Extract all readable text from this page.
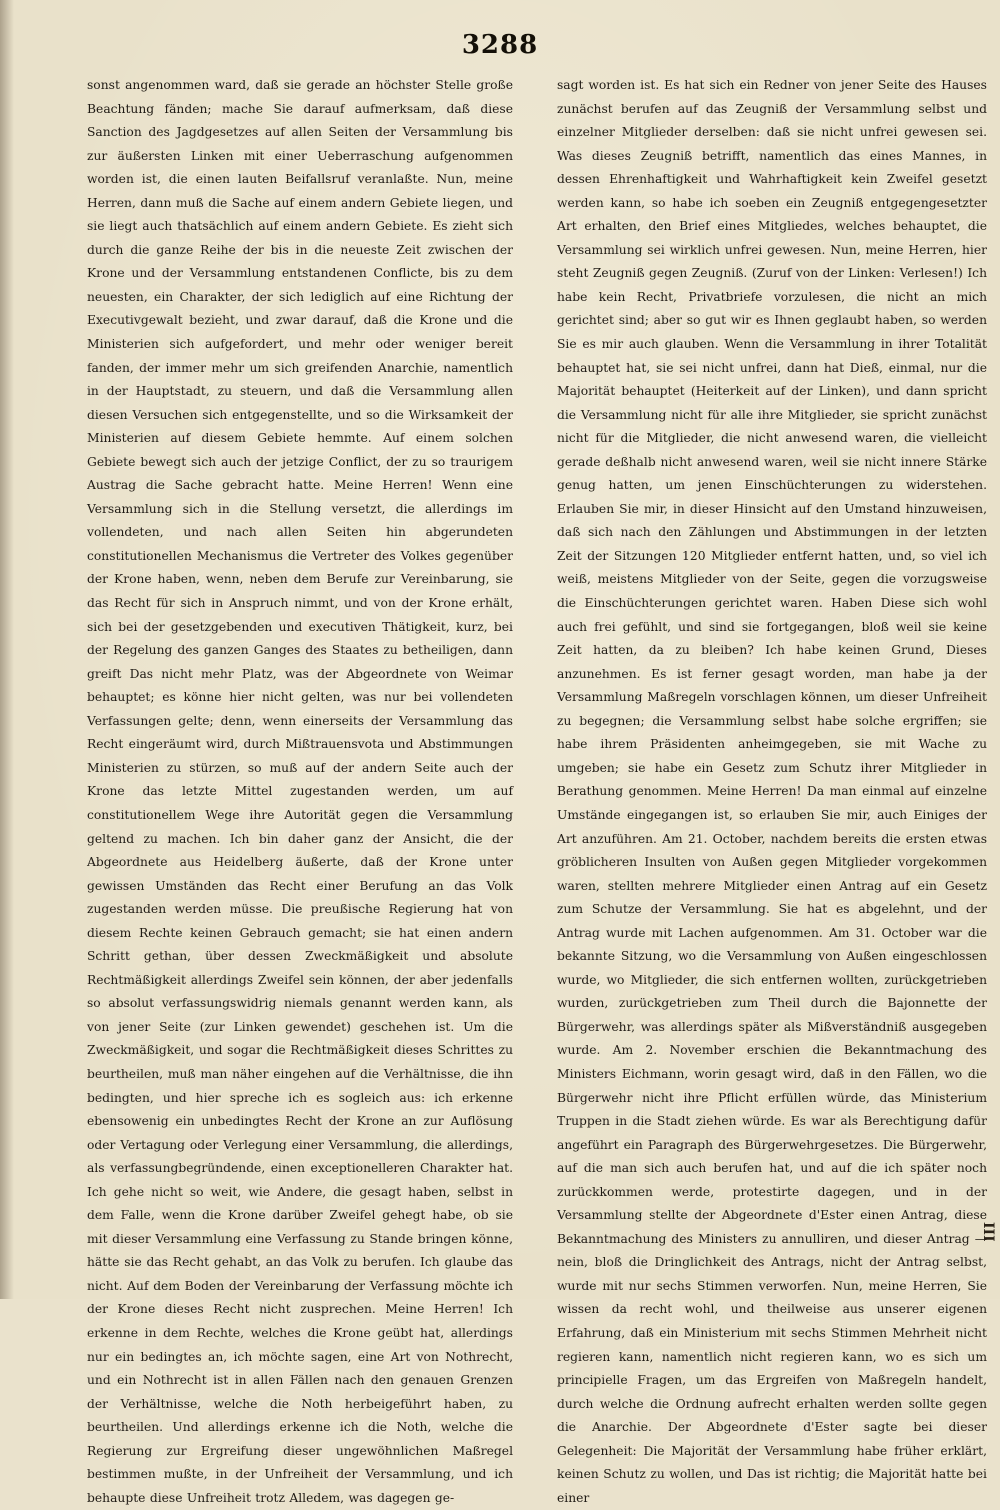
3288

sonst angenommen ward, daß sie gerade an höchster Stelle große Beachtung fänden; mache Sie darauf aufmerksam, daß diese Sanction des Jagdgesetzes auf allen Seiten der Versammlung bis zur äußersten Linken mit einer Ueberraschung aufgenommen worden ist, die einen lauten Beifallsruf veranlaßte. Nun, meine Herren, dann muß die Sache auf einem andern Gebiete liegen, und sie liegt auch thatsächlich auf einem andern Gebiete. Es zieht sich durch die ganze Reihe der bis in die neueste Zeit zwischen der Krone und der Versammlung entstandenen Conflicte, bis zu dem neuesten, ein Charakter, der sich lediglich auf eine Richtung der Executivgewalt bezieht, und zwar darauf, daß die Krone und die Ministerien sich aufgefordert, und mehr oder weniger bereit fanden, der immer mehr um sich greifenden Anarchie, namentlich in der Hauptstadt, zu steuern, und daß die Versammlung allen diesen Versuchen sich entgegenstellte, und so die Wirksamkeit der Ministerien auf diesem Gebiete hemmte. Auf einem solchen Gebiete bewegt sich auch der jetzige Conflict, der zu so traurigem Austrag die Sache gebracht hatte. Meine Herren! Wenn eine Versammlung sich in die Stellung versetzt, die allerdings im vollendeten, und nach allen Seiten hin abgerundeten constitutionellen Mechanismus die Vertreter des Volkes gegenüber der Krone haben, wenn, neben dem Berufe zur Vereinbarung, sie das Recht für sich in Anspruch nimmt, und von der Krone erhält, sich bei der gesetzgebenden und executiven Thätigkeit, kurz, bei der Regelung des ganzen Ganges des Staates zu betheiligen, dann greift Das nicht mehr Platz, was der Abgeordnete von Weimar behauptet; es könne hier nicht gelten, was nur bei vollendeten Verfassungen gelte; denn, wenn einerseits der Versammlung das Recht eingeräumt wird, durch Mißtrauensvota und Abstimmungen Ministerien zu stürzen, so muß auf der andern Seite auch der Krone das letzte Mittel zugestanden werden, um auf constitutionellem Wege ihre Autorität gegen die Versammlung geltend zu machen. Ich bin daher ganz der Ansicht, die der Abgeordnete aus Heidelberg äußerte, daß der Krone unter gewissen Umständen das Recht einer Berufung an das Volk zugestanden werden müsse. Die preußische Regierung hat von diesem Rechte keinen Gebrauch gemacht; sie hat einen andern Schritt gethan, über dessen Zweckmäßigkeit und absolute Rechtmäßigkeit allerdings Zweifel sein können, der aber jedenfalls so absolut verfassungswidrig niemals genannt werden kann, als von jener Seite (zur Linken gewendet) geschehen ist. Um die Zweckmäßigkeit, und sogar die Rechtmäßigkeit dieses Schrittes zu beurtheilen, muß man näher eingehen auf die Verhältnisse, die ihn bedingten, und hier spreche ich es sogleich aus: ich erkenne ebensowenig ein unbedingtes Recht der Krone an zur Auflösung oder Vertagung oder Verlegung einer Versammlung, die allerdings, als verfassungbegründende, einen exceptionelleren Charakter hat. Ich gehe nicht so weit, wie Andere, die gesagt haben, selbst in dem Falle, wenn die Krone darüber Zweifel gehegt habe, ob sie mit dieser Versammlung eine Verfassung zu Stande bringen könne, hätte sie das Recht gehabt, an das Volk zu berufen. Ich glaube das nicht. Auf dem Boden der Vereinbarung der Verfassung möchte ich der Krone dieses Recht nicht zusprechen. Meine Herren! Ich erkenne in dem Rechte, welches die Krone geübt hat, allerdings nur ein bedingtes an, ich möchte sagen, eine Art von Nothrecht, und ein Nothrecht ist in allen Fällen nach den genauen Grenzen der Verhältnisse, welche die Noth herbeigeführt haben, zu beurtheilen. Und allerdings erkenne ich die Noth, welche die Regierung zur Ergreifung dieser ungewöhnlichen Maßregel bestimmen mußte, in der Unfreiheit der Versammlung, und ich behaupte diese Unfreiheit trotz Alledem, was dagegen ge-

sagt worden ist. Es hat sich ein Redner von jener Seite des Hauses zunächst berufen auf das Zeugniß der Versammlung selbst und einzelner Mitglieder derselben: daß sie nicht unfrei gewesen sei. Was dieses Zeugniß betrifft, namentlich das eines Mannes, in dessen Ehrenhaftigkeit und Wahrhaftigkeit kein Zweifel gesetzt werden kann, so habe ich soeben ein Zeugniß entgegengesetzter Art erhalten, den Brief eines Mitgliedes, welches behauptet, die Versammlung sei wirklich unfrei gewesen. Nun, meine Herren, hier steht Zeugniß gegen Zeugniß. (Zuruf von der Linken: Verlesen!) Ich habe kein Recht, Privatbriefe vorzulesen, die nicht an mich gerichtet sind; aber so gut wir es Ihnen geglaubt haben, so werden Sie es mir auch glauben. Wenn die Versammlung in ihrer Totalität behauptet hat, sie sei nicht unfrei, dann hat Dieß, einmal, nur die Majorität behauptet (Heiterkeit auf der Linken), und dann spricht die Versammlung nicht für alle ihre Mitglieder, sie spricht zunächst nicht für die Mitglieder, die nicht anwesend waren, die vielleicht gerade deßhalb nicht anwesend waren, weil sie nicht innere Stärke genug hatten, um jenen Einschüchterungen zu widerstehen. Erlauben Sie mir, in dieser Hinsicht auf den Umstand hinzuweisen, daß sich nach den Zählungen und Abstimmungen in der letzten Zeit der Sitzungen 120 Mitglieder entfernt hatten, und, so viel ich weiß, meistens Mitglieder von der Seite, gegen die vorzugsweise die Einschüchterungen gerichtet waren. Haben Diese sich wohl auch frei gefühlt, und sind sie fortgegangen, bloß weil sie keine Zeit hatten, da zu bleiben? Ich habe keinen Grund, Dieses anzunehmen. Es ist ferner gesagt worden, man habe ja der Versammlung Maßregeln vorschlagen können, um dieser Unfreiheit zu begegnen; die Versammlung selbst habe solche ergriffen; sie habe ihrem Präsidenten anheimgegeben, sie mit Wache zu umgeben; sie habe ein Gesetz zum Schutz ihrer Mitglieder in Berathung genommen. Meine Herren! Da man einmal auf einzelne Umstände eingegangen ist, so erlauben Sie mir, auch Einiges der Art anzuführen. Am 21. October, nachdem bereits die ersten etwas gröblicheren Insulten von Außen gegen Mitglieder vorgekommen waren, stellten mehrere Mitglieder einen Antrag auf ein Gesetz zum Schutze der Versammlung. Sie hat es abgelehnt, und der Antrag wurde mit Lachen aufgenommen. Am 31. October war die bekannte Sitzung, wo die Versammlung von Außen eingeschlossen wurde, wo Mitglieder, die sich entfernen wollten, zurückgetrieben wurden, zurückgetrieben zum Theil durch die Bajonnette der Bürgerwehr, was allerdings später als Mißverständniß ausgegeben wurde. Am 2. November erschien die Bekanntmachung des Ministers Eichmann, worin gesagt wird, daß in den Fällen, wo die Bürgerwehr nicht ihre Pflicht erfüllen würde, das Ministerium Truppen in die Stadt ziehen würde. Es war als Berechtigung dafür angeführt ein Paragraph des Bürgerwehrgesetzes. Die Bürgerwehr, auf die man sich auch berufen hat, und auf die ich später noch zurückkommen werde, protestirte dagegen, und in der Versammlung stellte der Abgeordnete d'Ester einen Antrag, diese Bekanntmachung des Ministers zu annulliren, und dieser Antrag — nein, bloß die Dringlichkeit des Antrags, nicht der Antrag selbst, wurde mit nur sechs Stimmen verworfen. Nun, meine Herren, Sie wissen da recht wohl, und theilweise aus unserer eigenen Erfahrung, daß ein Ministerium mit sechs Stimmen Mehrheit nicht regieren kann, namentlich nicht regieren kann, wo es sich um principielle Fragen, um das Ergreifen von Maßregeln handelt, durch welche die Ordnung aufrecht erhalten werden sollte gegen die Anarchie. Der Abgeordnete d'Ester sagte bei dieser Gelegenheit: Die Majorität der Versammlung habe früher erklärt, keinen Schutz zu wollen, und Das ist richtig; die Majorität hatte bei einer

III
